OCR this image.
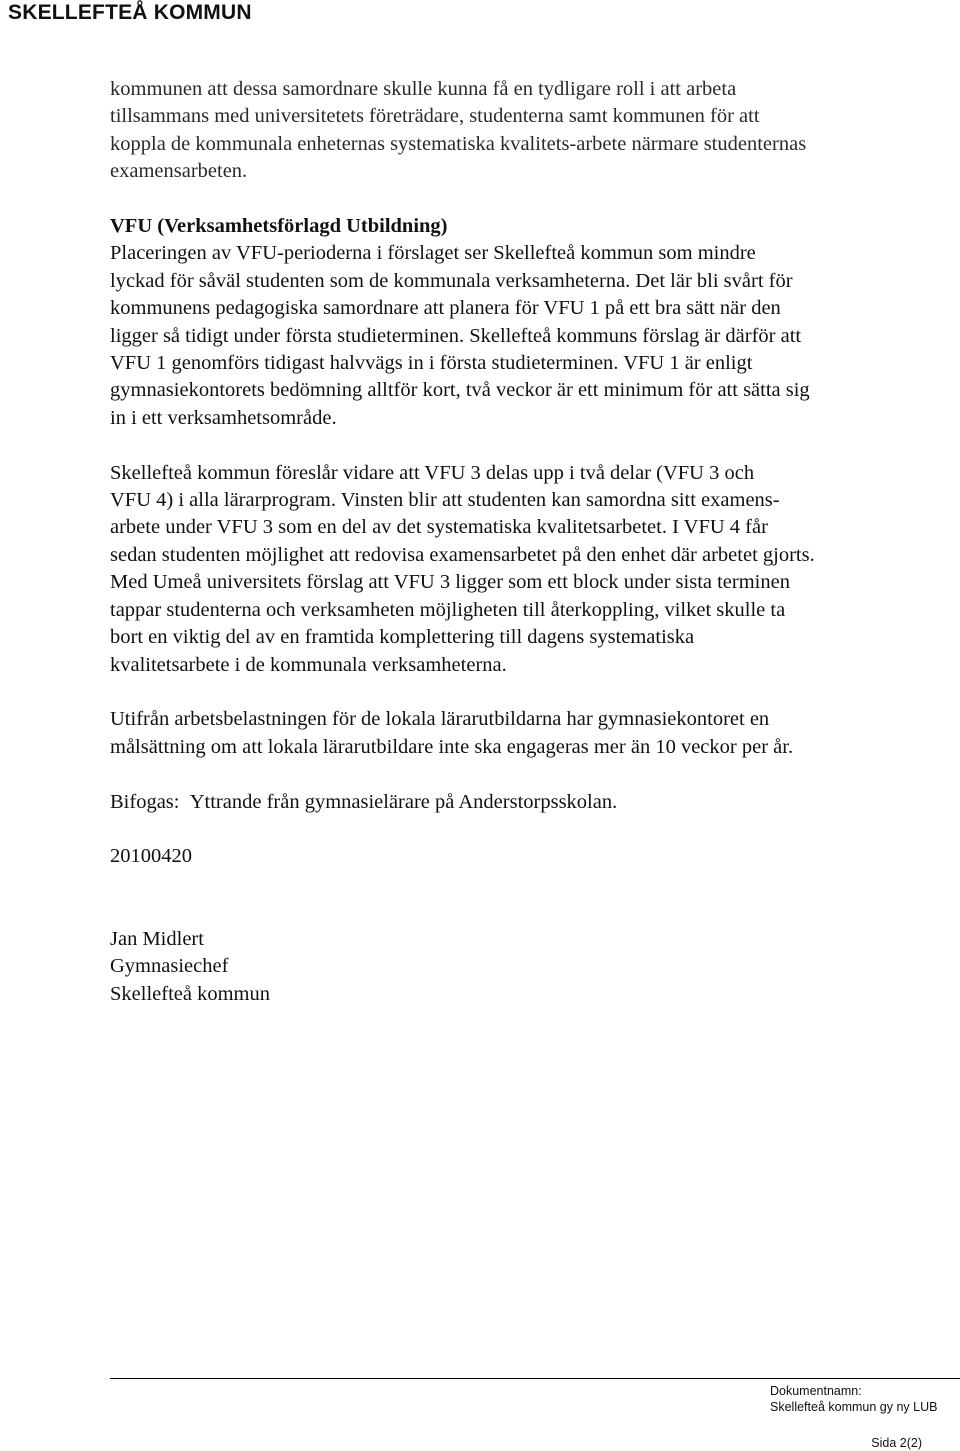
SKELLEFTEÅ KOMMUN

kommunen att dessa samordnare skulle kunna få en tydligare roll i att arbeta
tillsammans med universitetets företrädare, studenterna samt kommunen för att
koppla de kommunala enheternas systematiska kvalitets-arbete närmare studenternas
examensarbeten.

VFU (Verksamhetsförlagd Utbildning)

Placeringen av VFU-perioderna i förslaget ser Skellefteå kommun som mindre
lyckad för såväl studenten som de kommunala verksamheterna. Det lär bli svårt för
kommunens pedagogiska samordnare att planera för VFU 1 på ett bra sätt när den
ligger så tidigt under första studieterminen. Skellefteå kommuns förslag är därför att
VFU 1 genomförs tidigast halvvägs in i första studieterminen. VFU 1 är enligt
gymnasiekontorets bedömning alltför kort, två veckor är ett minimum för att sätta sig
in i ett verksamhetsområde.

Skellefteå kommun föreslår vidare att VFU 3 delas upp i två delar (VFU 3 och
VFU 4) i alla lärarprogram. Vinsten blir att studenten kan samordna sitt examens-
arbete under VFU 3 som en del av det systematiska kvalitetsarbetet. I VFU 4 får
sedan studenten möjlighet att redovisa examensarbetet på den enhet där arbetet gjorts.
Med Umeå universitets förslag att VFU 3 ligger som ett block under sista terminen
tappar studenterna och verksamheten möjligheten till återkoppling, vilket skulle ta
bort en viktig del av en framtida komplettering till dagens systematiska
kvalitetsarbete i de kommunala verksamheterna.

Utifrån arbetsbelastningen för de lokala lärarutbildarna har gymnasiekontoret en
målsättning om att lokala lärarutbildare inte ska engageras mer än 10 veckor per år.

Bifogas: Yttrande från gymnasielärare på Anderstorpsskolan.

20100420

Jan Midlert
Gymnasiechef
Skellefteå kommun

Dokumentnamn:
Skellefteå kommun gy ny LUB
Sida 2(2)
